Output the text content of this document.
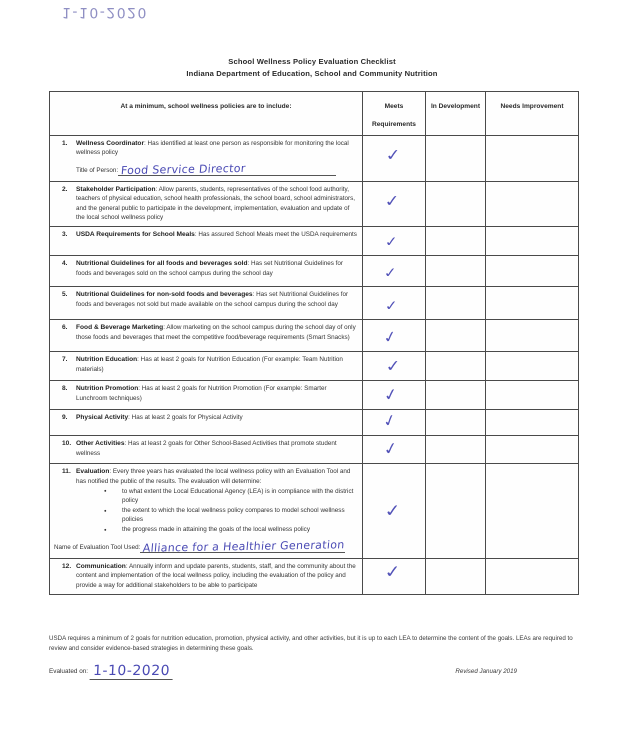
1-10-2020
School Wellness Policy Evaluation Checklist
Indiana Department of Education, School and Community Nutrition
At a minimum, school wellness policies are to include:	Meets Requirements	In Development	Needs Improvement

1. Wellness Coordinator: Has identified at least one person as responsible for monitoring the local wellness policy
Title of Person: Food Service Director	✓		

2. Stakeholder Participation: Allow parents, students, representatives of the school food authority, teachers of physical education, school health professionals, the school board, school administrators, and the general public to participate in the development, implementation, evaluation and update of the local school wellness policy	✓		

3. USDA Requirements for School Meals: Has assured School Meals meet the USDA requirements	✓		

4. Nutritional Guidelines for all foods and beverages sold: Has set Nutritional Guidelines for foods and beverages sold on the school campus during the school day	✓		

5. Nutritional Guidelines for non-sold foods and beverages: Has set Nutritional Guidelines for foods and beverages not sold but made available on the school campus during the school day	✓		

6. Food & Beverage Marketing: Allow marketing on the school campus during the school day of only those foods and beverages that meet the competitive food/beverage requirements (Smart Snacks)	✓		

7. Nutrition Education: Has at least 2 goals for Nutrition Education (For example: Team Nutrition materials)	✓		

8. Nutrition Promotion: Has at least 2 goals for Nutrition Promotion (For example: Smarter Lunchroom techniques)	✓		

9. Physical Activity: Has at least 2 goals for Physical Activity	✓		

10. Other Activities: Has at least 2 goals for Other School-Based Activities that promote student wellness	✓		

11. Evaluation: Every three years has evaluated the local wellness policy with an Evaluation Tool and has notified the public of the results. The evaluation will determine:
● to what extent the Local Educational Agency (LEA) is in compliance with the district policy
● the extent to which the local wellness policy compares to model school wellness policies
● the progress made in attaining the goals of the local wellness policy
Name of Evaluation Tool Used: Alliance for a Healthier Generation
	✓		

12. Communication: Annually inform and update parents, students, staff, and the community about the content and implementation of the local wellness policy, including the evaluation of the policy and provide a way for additional stakeholders to be able to participate	✓		
USDA requires a minimum of 2 goals for nutrition education, promotion, physical activity, and other activities, but it is up to each LEA to determine the content of the goals. LEAs are required to review and consider evidence-based strategies in determining these goals.
Evaluated on: 1-10-2020	Revised January 2019
